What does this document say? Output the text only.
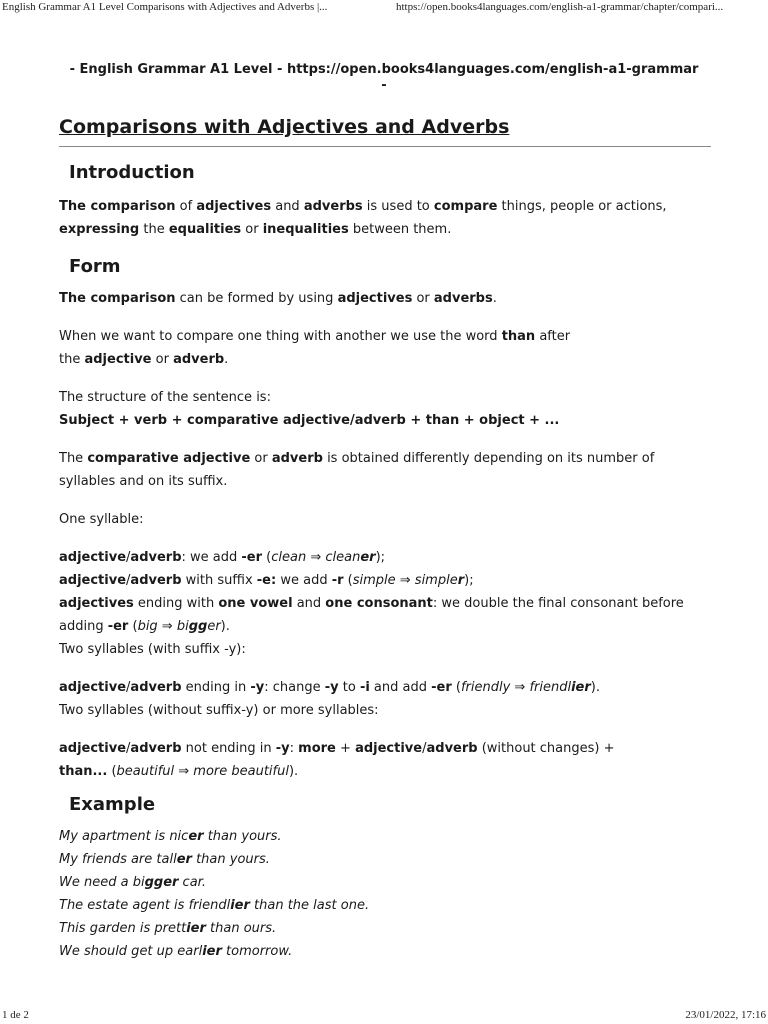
English Grammar A1 Level Comparisons with Adjectives and Adverbs |...	https://open.books4languages.com/english-a1-grammar/chapter/compari...
- English Grammar A1 Level - https://open.books4languages.com/english-a1-grammar
-
Comparisons with Adjectives and Adverbs
Introduction
The comparison of adjectives and adverbs is used to compare things, people or actions,
expressing the equalities or inequalities between them.
Form
The comparison can be formed by using adjectives or adverbs.
When we want to compare one thing with another we use the word than after
the adjective or adverb.
The structure of the sentence is:
Subject + verb + comparative adjective/adverb + than + object + ...
The comparative adjective or adverb is obtained differently depending on its number of
syllables and on its suffix.
One syllable:
adjective/adverb: we add -er (clean ⇒ cleaner);
adjective/adverb with suffix -e: we add -r (simple ⇒ simpler);
adjectives ending with one vowel and one consonant: we double the final consonant before
adding -er (big ⇒ bigger).
Two syllables (with suffix -y):
adjective/adverb ending in -y: change -y to -i and add -er (friendly ⇒ friendlier).
Two syllables (without suffix-y) or more syllables:
adjective/adverb not ending in -y: more + adjective/adverb (without changes) +
than... (beautiful ⇒ more beautiful).
Example
My apartment is nicer than yours.
My friends are taller than yours.
We need a bigger car.
The estate agent is friendlier than the last one.
This garden is prettier than ours.
We should get up earlier tomorrow.
1 de 2	23/01/2022, 17:16
